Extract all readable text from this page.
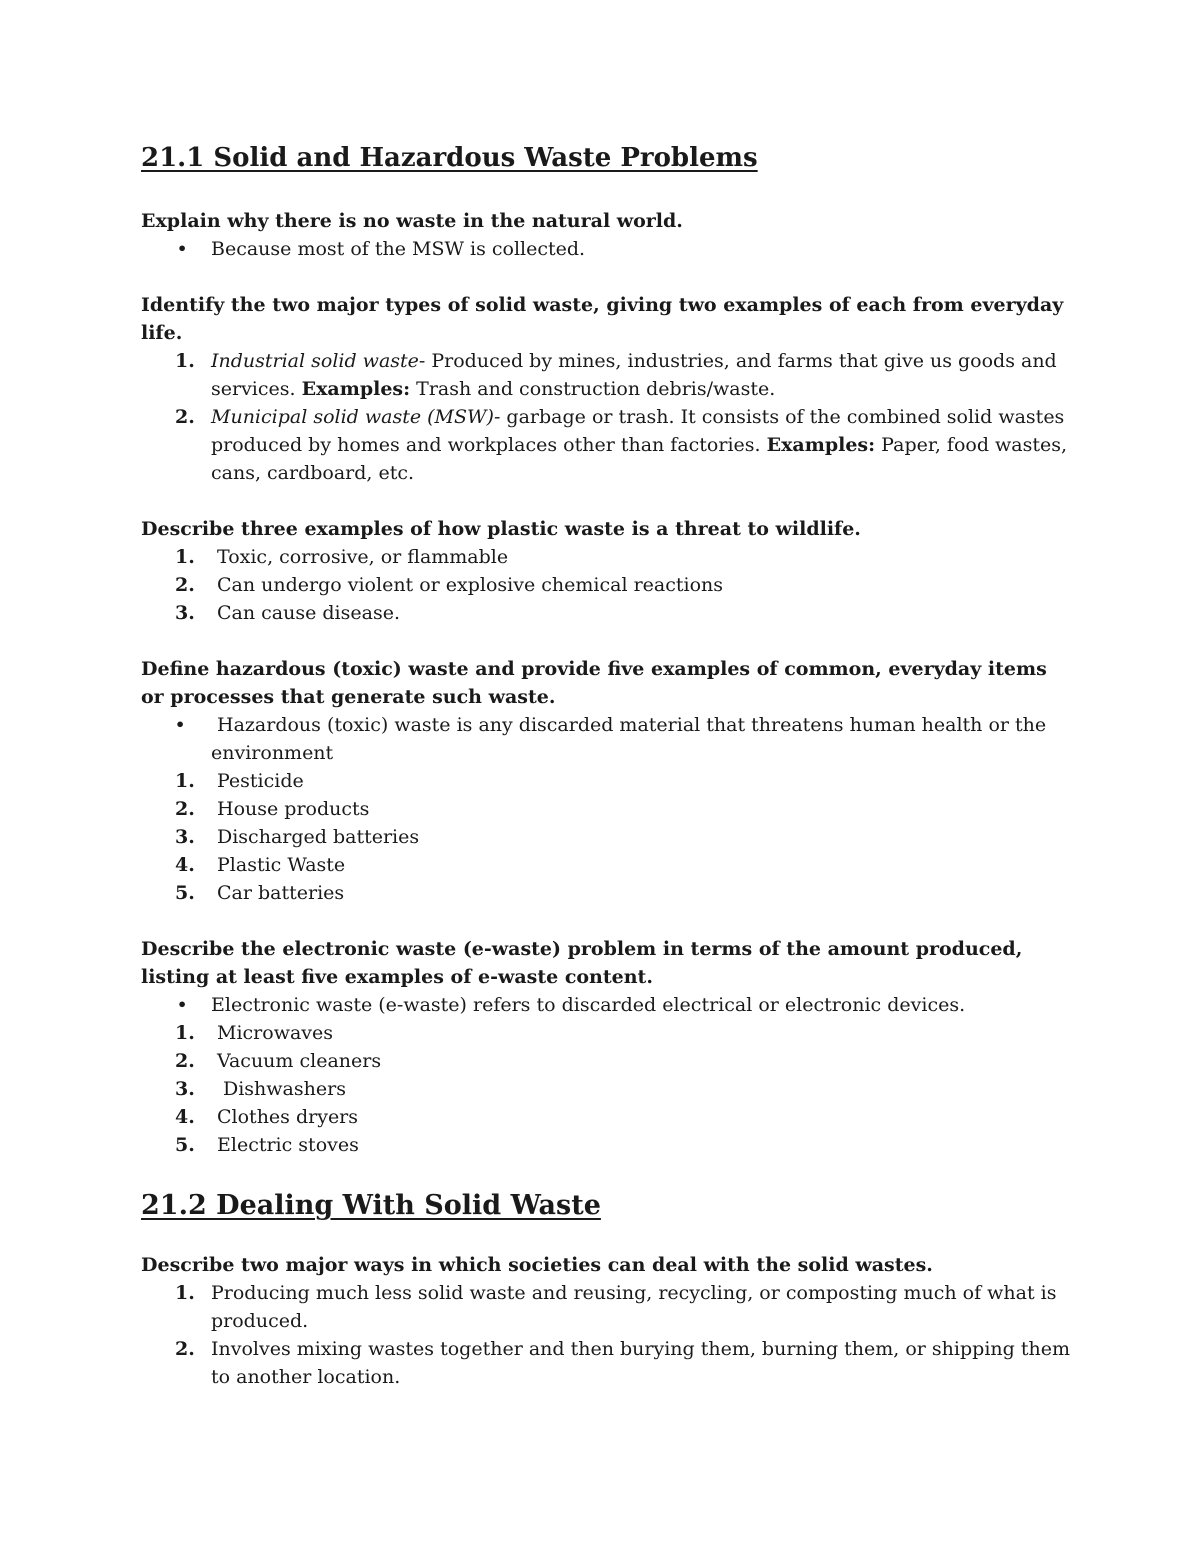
21.1 Solid and Hazardous Waste Problems

Explain why there is no waste in the natural world.

• Because most of the MSW is collected.

Identify the two major types of solid waste, giving two examples of each from everyday life.

1. Industrial solid waste- Produced by mines, industries, and farms that give us goods and services. Examples: Trash and construction debris/waste.
2. Municipal solid waste (MSW)- garbage or trash. It consists of the combined solid wastes produced by homes and workplaces other than factories. Examples: Paper, food wastes, cans, cardboard, etc.

Describe three examples of how plastic waste is a threat to wildlife.

1. Toxic, corrosive, or flammable
2. Can undergo violent or explosive chemical reactions
3. Can cause disease.

Define hazardous (toxic) waste and provide five examples of common, everyday items or processes that generate such waste.

• Hazardous (toxic) waste is any discarded material that threatens human health or the environment
1. Pesticide
2. House products
3. Discharged batteries
4. Plastic Waste
5. Car batteries

Describe the electronic waste (e-waste) problem in terms of the amount produced, listing at least five examples of e-waste content.

• Electronic waste (e-waste) refers to discarded electrical or electronic devices.
1. Microwaves
2. Vacuum cleaners
3. Dishwashers
4. Clothes dryers
5. Electric stoves
21.2 Dealing With Solid Waste

Describe two major ways in which societies can deal with the solid wastes.

1. Producing much less solid waste and reusing, recycling, or composting much of what is produced.
2. Involves mixing wastes together and then burying them, burning them, or shipping them to another location.
